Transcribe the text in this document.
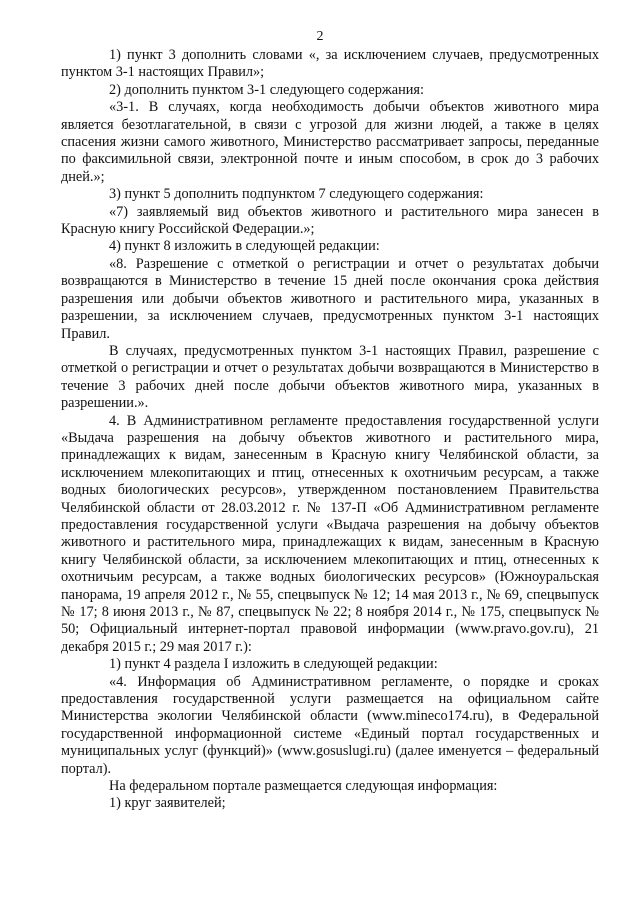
2

1) пункт 3 дополнить словами «, за исключением случаев, предусмотренных пунктом 3-1 настоящих Правил»;

2) дополнить пунктом 3-1 следующего содержания:

«3-1. В случаях, когда необходимость добычи объектов животного мира является безотлагательной, в связи с угрозой для жизни людей, а также в целях спасения жизни самого животного, Министерство рассматривает запросы, переданные по факсимильной связи, электронной почте и иным способом, в срок до 3 рабочих дней.»;

3) пункт 5 дополнить подпунктом 7 следующего содержания:

«7) заявляемый вид объектов животного и растительного мира занесен в Красную книгу Российской Федерации.»;

4) пункт 8 изложить в следующей редакции:

«8. Разрешение с отметкой о регистрации и отчет о результатах добычи возвращаются в Министерство в течение 15 дней после окончания срока действия разрешения или добычи объектов животного и растительного мира, указанных в разрешении, за исключением случаев, предусмотренных пунктом 3-1 настоящих Правил.

В случаях, предусмотренных пунктом 3-1 настоящих Правил, разрешение с отметкой о регистрации и отчет о результатах добычи возвращаются в Министерство в течение 3 рабочих дней после добычи объектов животного мира, указанных в разрешении.».

4. В Административном регламенте предоставления государственной услуги «Выдача разрешения на добычу объектов животного и растительного мира, принадлежащих к видам, занесенным в Красную книгу Челябинской области, за исключением млекопитающих и птиц, отнесенных к охотничьим ресурсам, а также водных биологических ресурсов», утвержденном постановлением Правительства Челябинской области от 28.03.2012 г. № 137-П «Об Административном регламенте предоставления государственной услуги «Выдача разрешения на добычу объектов животного и растительного мира, принадлежащих к видам, занесенным в Красную книгу Челябинской области, за исключением млекопитающих и птиц, отнесенных к охотничьим ресурсам, а также водных биологических ресурсов» (Южноуральская панорама, 19 апреля 2012 г., № 55, спецвыпуск № 12; 14 мая 2013 г., № 69, спецвыпуск № 17; 8 июня 2013 г., № 87, спецвыпуск № 22; 8 ноября 2014 г., № 175, спецвыпуск № 50; Официальный интернет-портал правовой информации (www.pravo.gov.ru), 21 декабря 2015 г.; 29 мая 2017 г.):

1) пункт 4 раздела I изложить в следующей редакции:

«4. Информация об Административном регламенте, о порядке и сроках предоставления государственной услуги размещается на официальном сайте Министерства экологии Челябинской области (www.mineco174.ru), в Федеральной государственной информационной системе «Единый портал государственных и муниципальных услуг (функций)» (www.gosuslugi.ru) (далее именуется – федеральный портал).

На федеральном портале размещается следующая информация:

1) круг заявителей;
